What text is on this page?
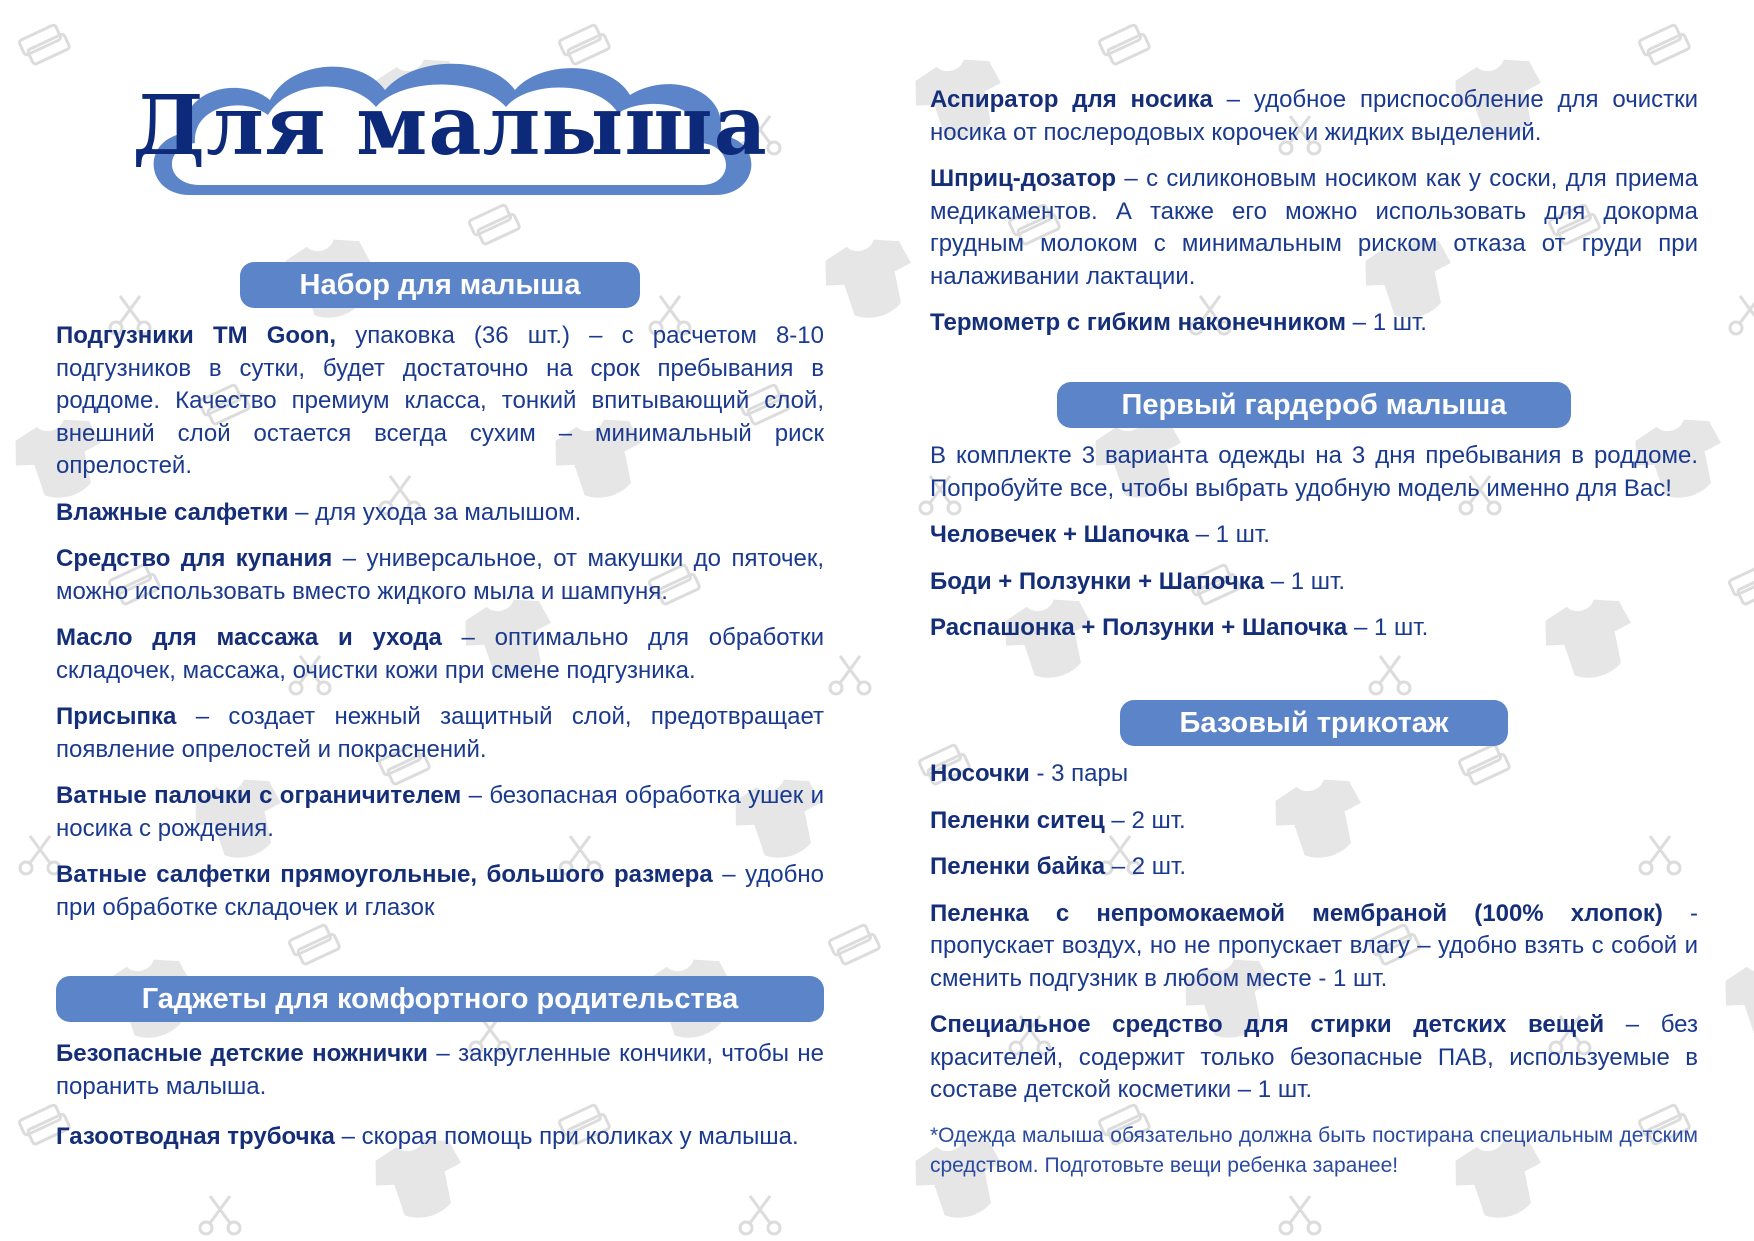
Для малыша
Набор для малыша
Гаджеты для комфортного родительства
Первый гардероб малыша
Базовый трикотаж

Подгузники ТМ Goon, упаковка (36 шт.) – с расчетом 8-10 подгузников в сутки, будет достаточно на срок пребывания в роддоме. Качество премиум класса, тонкий впитывающий слой, внешний слой остается всегда сухим – минимальный риск опрелостей.

Влажные салфетки – для ухода за малышом.

Средство для купания – универсальное, от макушки до пяточек, можно использовать вместо жидкого мыла и шампуня.

Масло для массажа и ухода – оптимально для обработки складочек, массажа, очистки кожи при смене подгузника.

Присыпка – создает нежный защитный слой, предотвращает появление опрелостей и покраснений.

Ватные палочки с ограничителем – безопасная обработка ушек и носика с рождения.

Ватные салфетки прямоугольные, большого размера – удобно при обработке складочек и глазок

Безопасные детские ножнички – закругленные кончики, чтобы не поранить малыша.

Газоотводная трубочка – скорая помощь при коликах у малыша.

Аспиратор для носика – удобное приспособление для очистки носика от послеродовых корочек и жидких выделений.

Шприц-дозатор – с силиконовым носиком как у соски, для приема медикаментов. А также его можно использовать для докорма грудным молоком с минимальным риском отказа от груди при налаживании лактации.

Термометр с гибким наконечником – 1 шт.

В комплекте 3 варианта одежды на 3 дня пребывания в роддоме. Попробуйте все, чтобы выбрать удобную модель именно для Вас!

Человечек + Шапочка – 1 шт.

Боди + Ползунки + Шапочка – 1 шт.

Распашонка + Ползунки + Шапочка – 1 шт.

Носочки - 3 пары

Пеленки ситец – 2 шт.

Пеленки байка – 2 шт.

Пеленка с непромокаемой мембраной (100% хлопок) - пропускает воздух, но не пропускает влагу – удобно взять с собой и сменить подгузник в любом месте - 1 шт.

Специальное средство для стирки детских вещей – без красителей, содержит только безопасные ПАВ, используемые в составе детской косметики – 1 шт.

*Одежда малыша обязательно должна быть постирана специальным детским средством. Подготовьте вещи ребенка заранее!
